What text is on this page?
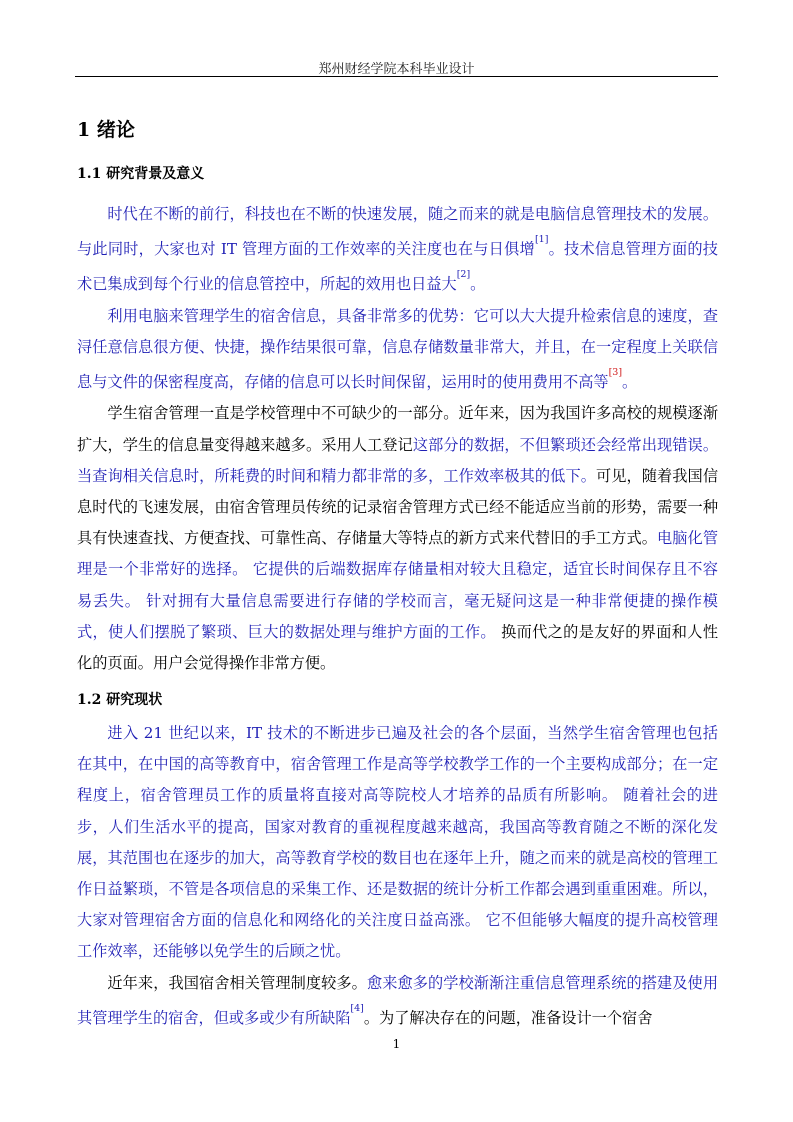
郑州财经学院本科毕业设计
1 绪论
1.1 研究背景及意义

时代在不断的前行，科技也在不断的快速发展，随之而来的就是电脑信息管理技术的发展。与此同时，大家也对 IT 管理方面的工作效率的关注度也在与日俱增[1]。技术信息管理方面的技术已集成到每个行业的信息管控中，所起的效用也日益大[2]。

利用电脑来管理学生的宿舍信息，具备非常多的优势：它可以大大提升检索信息的速度，查浔任意信息很方便、快捷，操作结果很可靠，信息存储数量非常大，并且，在一定程度上关联信息与文件的保密程度高，存储的信息可以长时间保留，运用时的使用费用不高等[3]。

学生宿舍管理一直是学校管理中不可缺少的一部分。近年来，因为我国许多高校的规模逐渐扩大，学生的信息量变得越来越多。采用人工登记这部分的数据，不但繁琐还会经常出现错误。当查询相关信息时，所耗费的时间和精力都非常的多，工作效率极其的低下。可见，随着我国信息时代的飞速发展，由宿舍管理员传统的记录宿舍管理方式已经不能适应当前的形势，需要一种具有快速查找、方便查找、可靠性高、存储量大等特点的新方式来代替旧的手工方式。电脑化管理是一个非常好的选择。 它提供的后端数据库存储量相对较大且稳定，适宜长时间保存且不容易丢失。 针对拥有大量信息需要进行存储的学校而言，毫无疑问这是一种非常便捷的操作模式，使人们摆脱了繁琐、巨大的数据处理与维护方面的工作。 换而代之的是友好的界面和人性化的页面。用户会觉得操作非常方便。

1.2 研究现状

进入 21 世纪以来，IT 技术的不断进步已遍及社会的各个层面，当然学生宿舍管理也包括在其中，在中国的高等教育中，宿舍管理工作是高等学校教学工作的一个主要构成部分；在一定程度上，宿舍管理员工作的质量将直接对高等院校人才培养的品质有所影响。 随着社会的进步，人们生活水平的提高，国家对教育的重视程度越来越高，我国高等教育随之不断的深化发展，其范围也在逐步的加大，高等教育学校的数目也在逐年上升，随之而来的就是高校的管理工作日益繁琐，不管是各项信息的采集工作、还是数据的统计分析工作都会遇到重重困难。所以，大家对管理宿舍方面的信息化和网络化的关注度日益高涨。 它不但能够大幅度的提升高校管理工作效率，还能够以免学生的后顾之忧。

近年来，我国宿舍相关管理制度较多。愈来愈多的学校渐渐注重信息管理系统的搭建及使用其管理学生的宿舍，但或多或少有所缺陷[4]。为了解决存在的问题，准备设计一个宿舍

1
